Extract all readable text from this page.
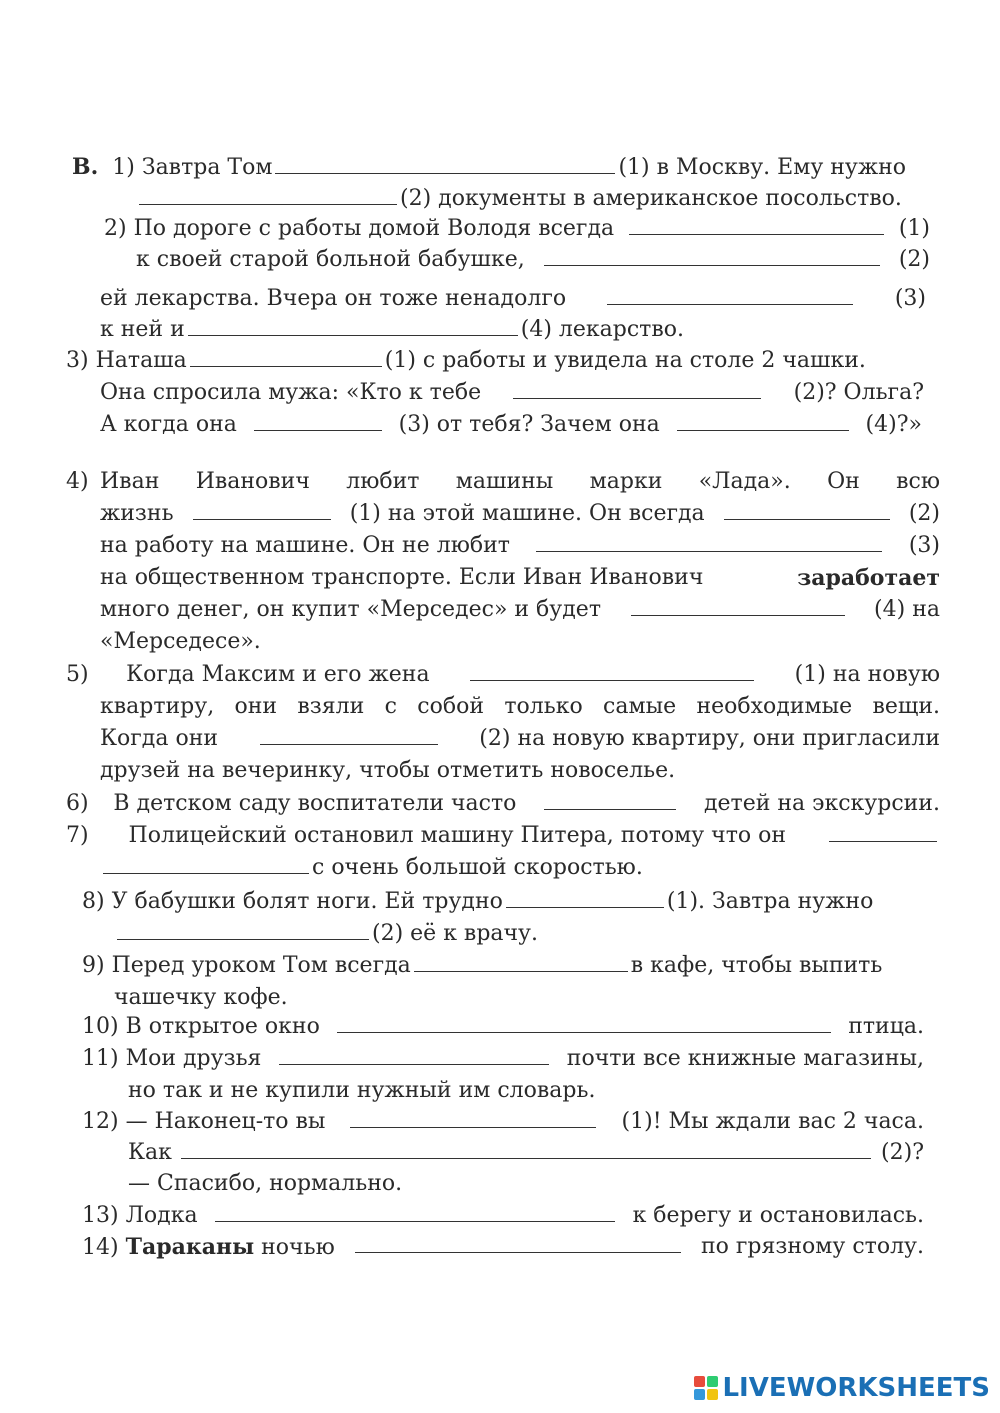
В. 1) Завтра Том	(1) в Москву. Ему нужно
(2) документы в американское посольство.
2) По дороге с работы домой Володя всегда	(1)
к своей старой больной бабушке,	(2)
ей лекарства. Вчера он тоже ненадолго	(3)
к ней и	(4) лекарство.
3) Наташа	(1) с работы и увидела на столе 2 чашки.
Она спросила мужа: «Кто к тебе	(2)? Ольга?
А когда она	(3) от тебя? Зачем она	(4)?»
4) Иван Иванович любит машины марки «Лада». Он всю
жизнь	(1) на этой машине. Он всегда	(2)
на работу на машине. Он не любит	(3)
на общественном транспорте. Если Иван Иванович	заработает
много денег, он купит «Мерседес» и будет	(4) на
«Мерседесе».
5) Когда Максим и его жена	(1) на новую
квартиру, они взяли с собой только самые необходимые вещи.
Когда они	(2) на новую квартиру, они пригласили
друзей на вечеринку, чтобы отметить новоселье.
6) В детском саду воспитатели часто	детей на экскурсии.
7) Полицейский остановил машину Питера, потому что он
с очень большой скоростью.
8) У бабушки болят ноги. Ей трудно	(1). Завтра нужно
(2) её к врачу.
9) Перед уроком Том всегда	в кафе, чтобы выпить
чашечку кофе.
10) В открытое окно	птица.
11) Мои друзья	почти все книжные магазины,
но так и не купили нужный им словарь.
12) — Наконец-то вы	(1)! Мы ждали вас 2 часа.
Как	(2)?
— Спасибо, нормально.
13) Лодка	к берегу и остановилась.
14) Тараканы ночью	по грязному столу.
LIVEWORKSHEETS
